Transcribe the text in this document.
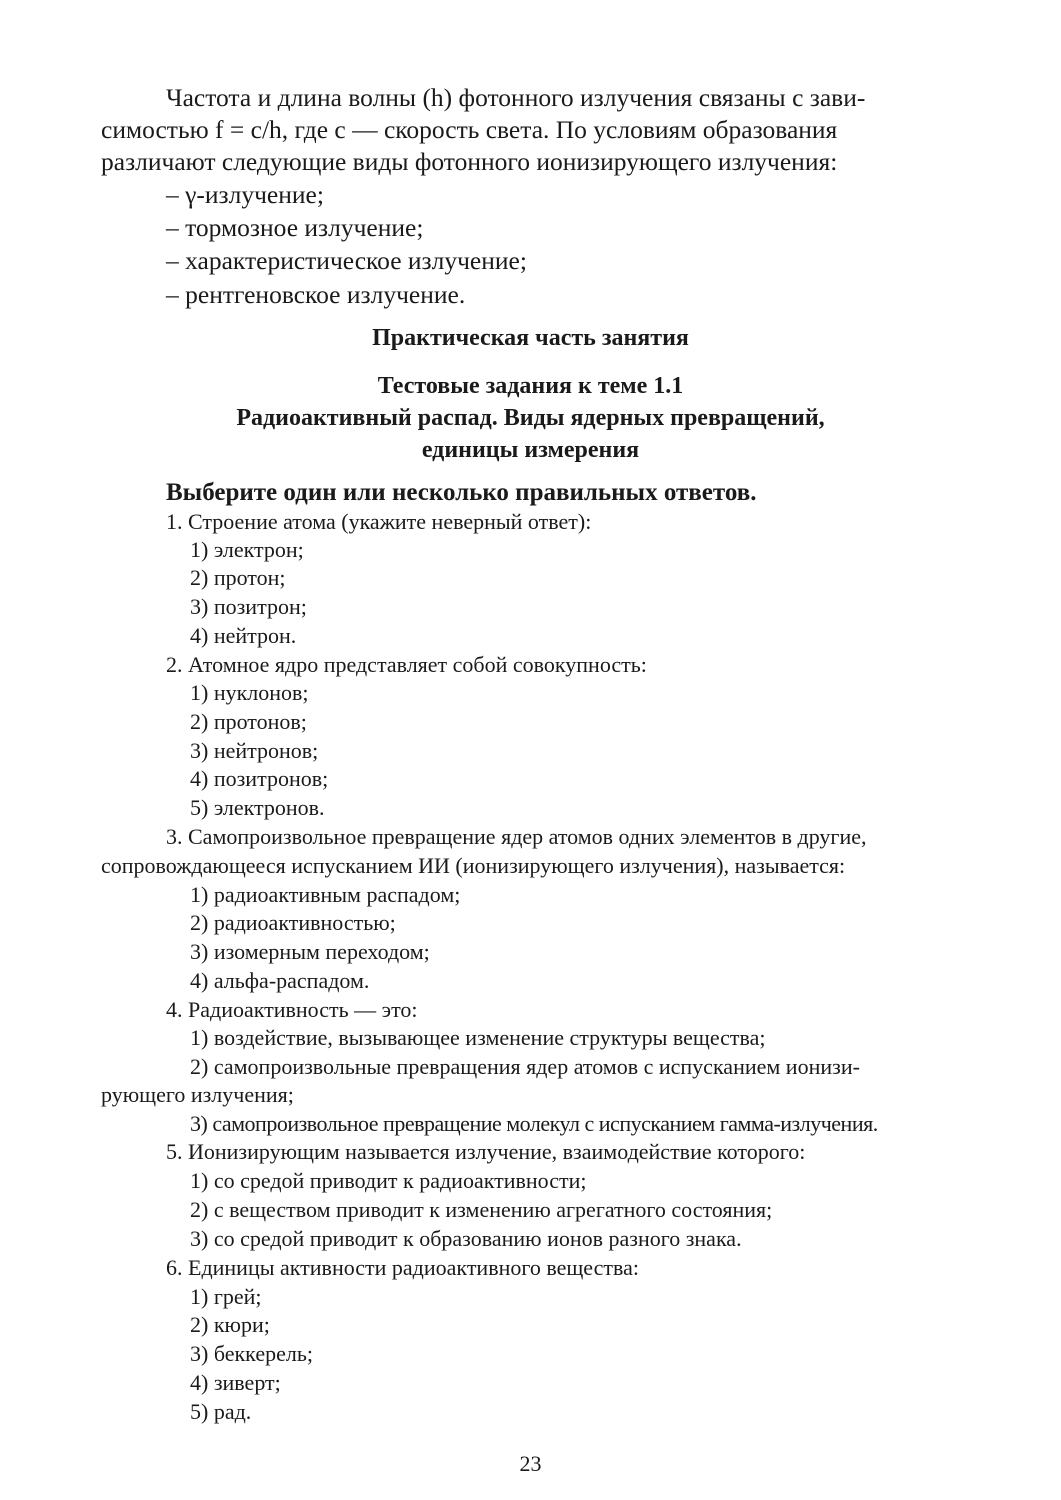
Частота и длина волны (h) фотонного излучения связаны с зави-
симостью f = c/h, где c — скорость света. По условиям образования
различают следующие виды фотонного ионизирующего излучения:
– γ-излучение;
– тормозное излучение;
– характеристическое излучение;
– рентгеновское излучение.
Практическая часть занятия
Тестовые задания к теме 1.1
Радиоактивный распад. Виды ядерных превращений,
единицы измерения
Выберите один или несколько правильных ответов.
1. Строение атома (укажите неверный ответ):
1) электрон;
2) протон;
3) позитрон;
4) нейтрон.
2. Атомное ядро представляет собой совокупность:
1) нуклонов;
2) протонов;
3) нейтронов;
4) позитронов;
5) электронов.
3. Самопроизвольное превращение ядер атомов одних элементов в другие,
сопровождающееся испусканием ИИ (ионизирующего излучения), называется:
1) радиоактивным распадом;
2) радиоактивностью;
3) изомерным переходом;
4) альфа-распадом.
4. Радиоактивность — это:
1) воздействие, вызывающее изменение структуры вещества;
2) самопроизвольные превращения ядер атомов с испусканием ионизи-
рующего излучения;
3) самопроизвольное превращение молекул с испусканием гамма-излучения.
5. Ионизирующим называется излучение, взаимодействие которого:
1) со средой приводит к радиоактивности;
2) с веществом приводит к изменению агрегатного состояния;
3) со средой приводит к образованию ионов разного знака.
6. Единицы активности радиоактивного вещества:
1) грей;
2) кюри;
3) беккерель;
4) зиверт;
5) рад.
23
